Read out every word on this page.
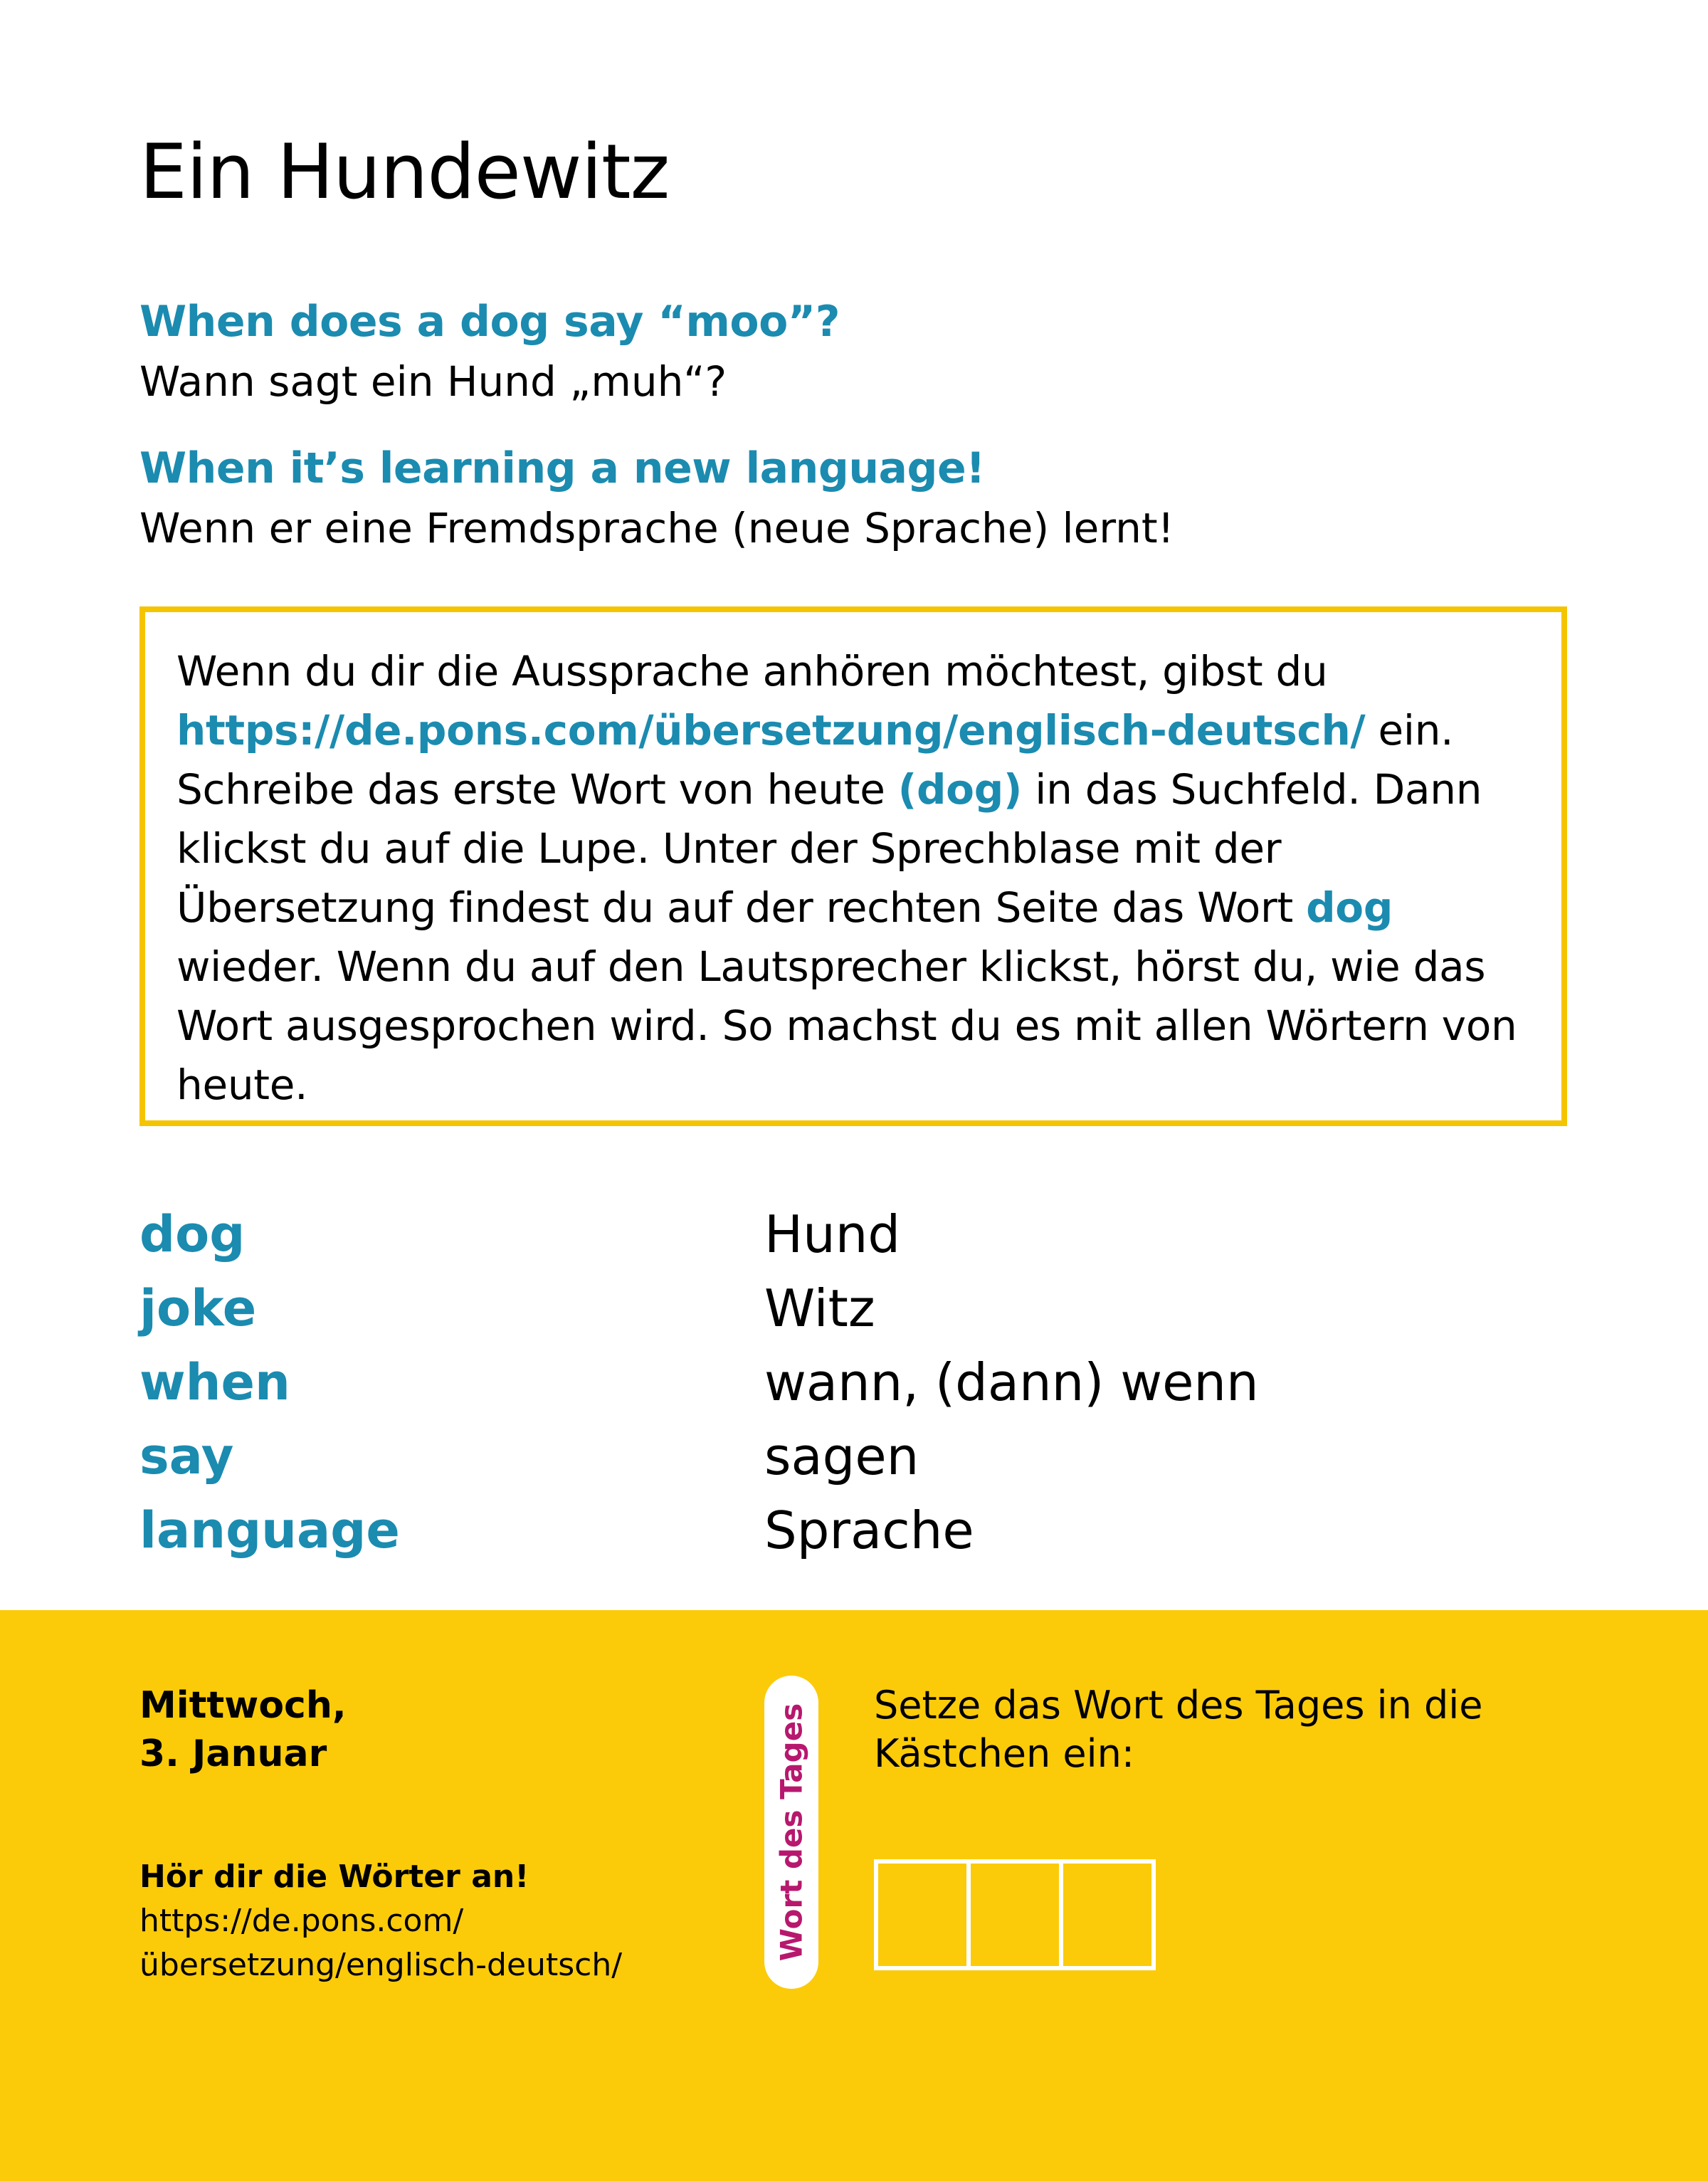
Ein Hundewitz
When does a dog say “moo”?
Wann sagt ein Hund „muh“?
When it’s learning a new language!
Wenn er eine Fremdsprache (neue Sprache) lernt!
Wenn du dir die Aussprache anhören möchtest, gibst du https://de.pons.com/übersetzung/englisch-deutsch/ ein. Schreibe das erste Wort von heute (dog) in das Suchfeld. Dann klickst du auf die Lupe. Unter der Sprechblase mit der Übersetzung findest du auf der rechten Seite das Wort dog wieder. Wenn du auf den Lautsprecher klickst, hörst du, wie das Wort ausgesprochen wird. So machst du es mit allen Wörtern von heute.
dog	Hund
joke	Witz
when	wann, (dann) wenn
say	sagen
language	Sprache
Mittwoch,
3. Januar
Hör dir die Wörter an!
https://de.pons.com/
übersetzung/englisch-deutsch/
Wort des Tages Setze das Wort des Tages in die Kästchen ein:
